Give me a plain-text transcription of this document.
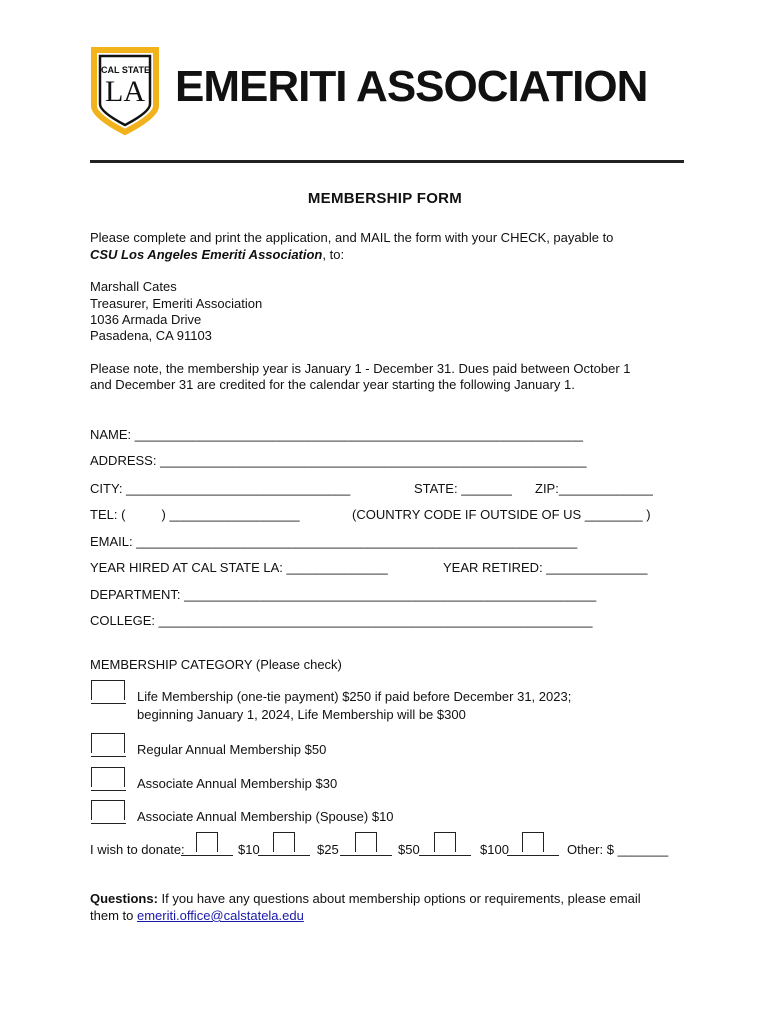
CAL STATE
LA EMERITI ASSOCIATION
MEMBERSHIP FORM
Please complete and print the application, and MAIL the form with your CHECK, payable to
CSU Los Angeles Emeriti Association, to:
Marshall Cates
Treasurer, Emeriti Association
1036 Armada Drive
Pasadena, CA 91103
Please note, the membership year is January 1 - December 31. Dues paid between October 1
and December 31 are credited for the calendar year starting the following January 1.
NAME: ______________________________________________________________
ADDRESS: ___________________________________________________________
CITY: _______________________________	STATE: _______ ZIP:_____________
TEL: (          ) __________________	(COUNTRY CODE IF OUTSIDE OF US ________ )
EMAIL: _____________________________________________________________
YEAR HIRED AT CAL STATE LA: ______________	YEAR RETIRED: ______________
DEPARTMENT: _________________________________________________________
COLLEGE: ____________________________________________________________
MEMBERSHIP CATEGORY (Please check)
Life Membership (one-tie payment) $250 if paid before December 31, 2023;
beginning January 1, 2024, Life Membership will be $300
Regular Annual Membership $50
Associate Annual Membership $30
Associate Annual Membership (Spouse) $10
I wish to donate:	$10	$25	$50	$100	Other: $ _______
Questions: If you have any questions about membership options or requirements, please email
them to emeriti.office@calstatela.edu
